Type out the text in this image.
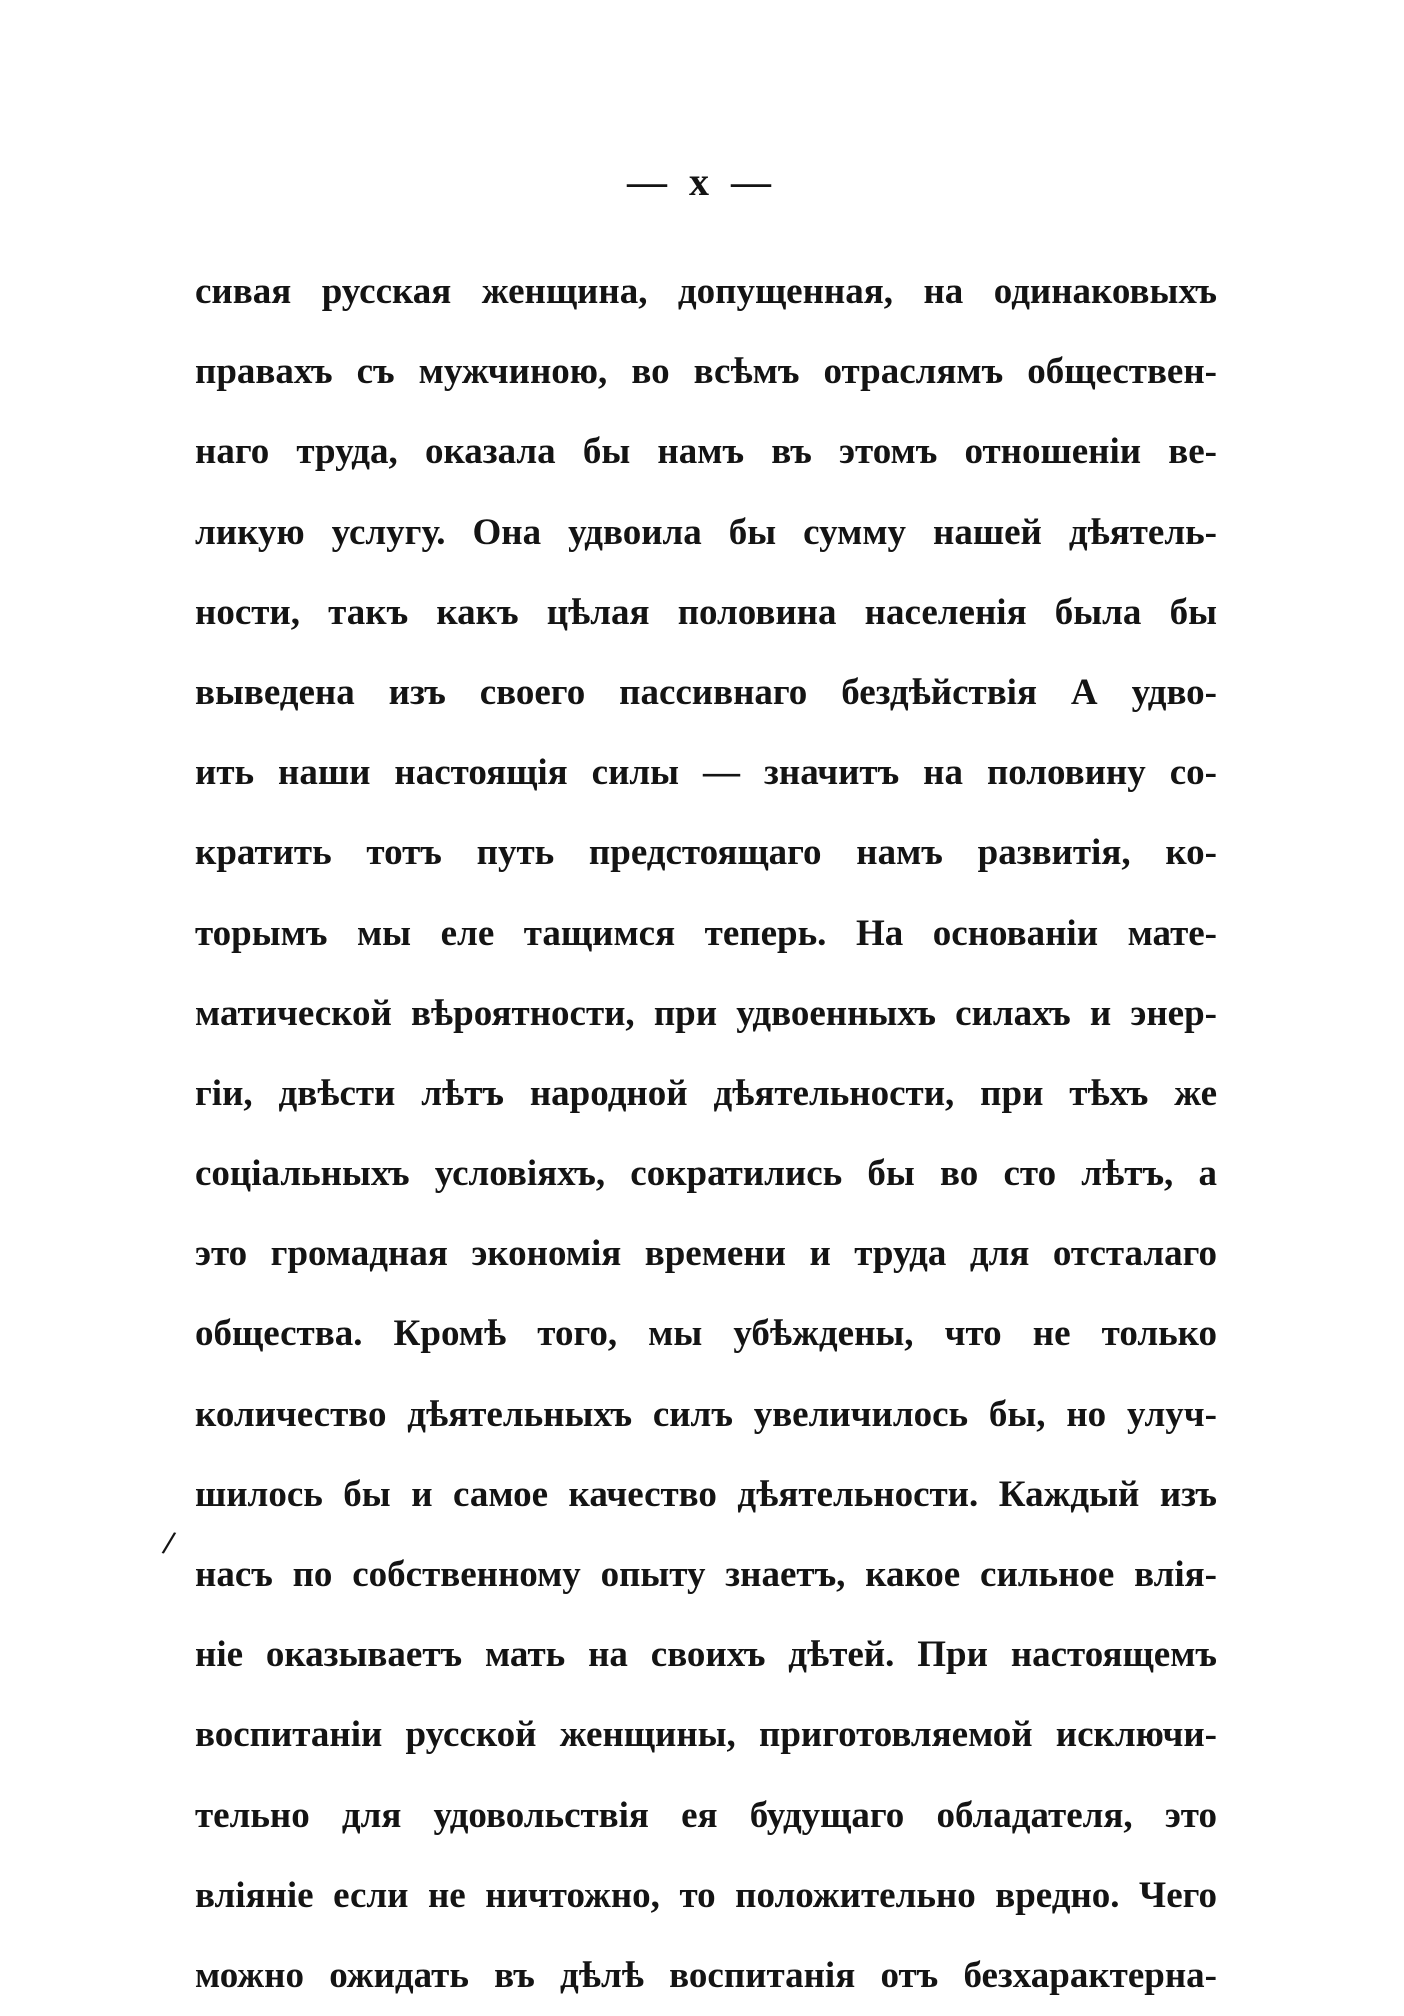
— x —
/
сивая русская женщина, допущенная, на одинаковыхъ
правахъ съ мужчиною, во всѣмъ отраслямъ обществен-
наго труда, оказала бы намъ въ этомъ отношеніи ве-
ликую услугу. Она удвоила бы сумму нашей дѣятель-
ности, такъ какъ цѣлая половина населенія была бы
выведена изъ своего пассивнаго бездѣйствія А удво-
ить наши настоящія силы — значитъ на половину со-
кратить тотъ путь предстоящаго намъ развитія, ко-
торымъ мы еле тащимся теперь. На основаніи мате-
матической вѣроятности, при удвоенныхъ силахъ и энер-
гіи, двѣсти лѣтъ народной дѣятельности, при тѣхъ же
соціальныхъ условіяхъ, сократились бы во сто лѣтъ, а
это громадная экономія времени и труда для отсталаго
общества. Кромѣ того, мы убѣждены, что не только
количество дѣятельныхъ силъ увеличилось бы, но улуч-
шилось бы и самое качество дѣятельности. Каждый изъ
насъ по собственному опыту знаетъ, какое сильное влія-
ніе оказываетъ мать на своихъ дѣтей. При настоящемъ
воспитаніи русской женщины, приготовляемой исключи-
тельно для удовольствія ея будущаго обладателя, это
вліяніе если не ничтожно, то положительно вредно. Чего
можно ожидать въ дѣлѣ воспитанія отъ безхарактерна-
